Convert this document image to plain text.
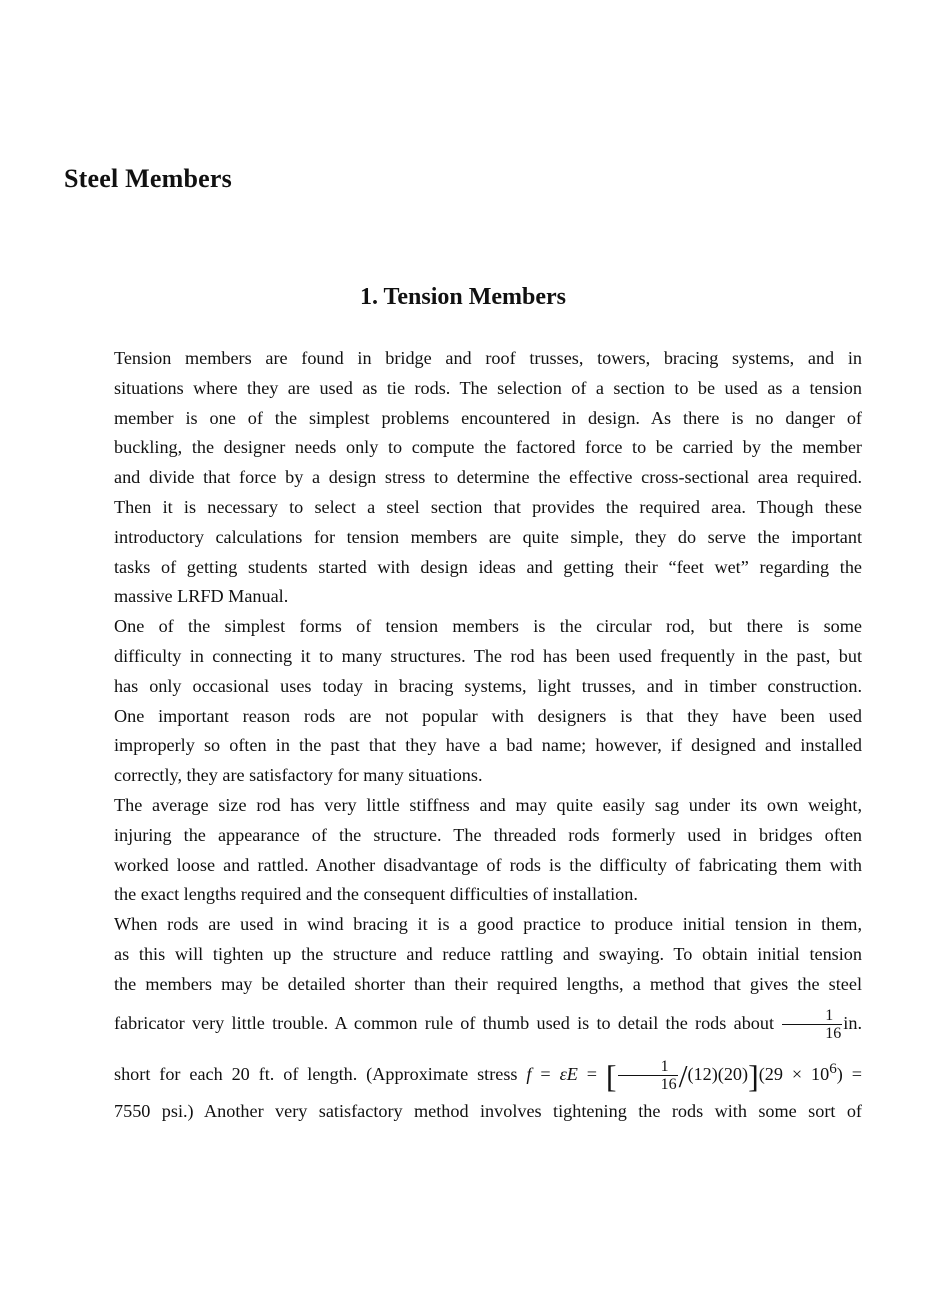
Steel Members
1. Tension Members

Tension members are found in bridge and roof trusses, towers, bracing systems, and in
situations where they are used as tie rods. The selection of a section to be used as a tension
member is one of the simplest problems encountered in design. As there is no danger of
buckling, the designer needs only to compute the factored force to be carried by the member
and divide that force by a design stress to determine the effective cross-sectional area required.
Then it is necessary to select a steel section that provides the required area. Though these
introductory calculations for tension members are quite simple, they do serve the important
tasks of getting students started with design ideas and getting their “feet wet” regarding the
massive LRFD Manual.

One of the simplest forms of tension members is the circular rod, but there is some
difficulty in connecting it to many structures. The rod has been used frequently in the past, but
has only occasional uses today in bracing systems, light trusses, and in timber construction.
One important reason rods are not popular with designers is that they have been used
improperly so often in the past that they have a bad name; however, if designed and installed
correctly, they are satisfactory for many situations.

The average size rod has very little stiffness and may quite easily sag under its own weight,
injuring the appearance of the structure. The threaded rods formerly used in bridges often
worked loose and rattled. Another disadvantage of rods is the difficulty of fabricating them with
the exact lengths required and the consequent difficulties of installation.

When rods are used in wind bracing it is a good practice to produce initial tension in them,
as this will tighten up the structure and reduce rattling and swaying. To obtain initial tension
the members may be detailed shorter than their required lengths, a method that gives the steel
fabricator very little trouble. A common rule of thumb used is to detail the rods about $\frac{1}{16}$ in.
short for each 20 ft. of length. (Approximate stress f = εE = [ $\frac{1}{16} /(12)(20)](29 \times 10^6)$ =
7550 psi.) Another very satisfactory method involves tightening the rods with some sort of
